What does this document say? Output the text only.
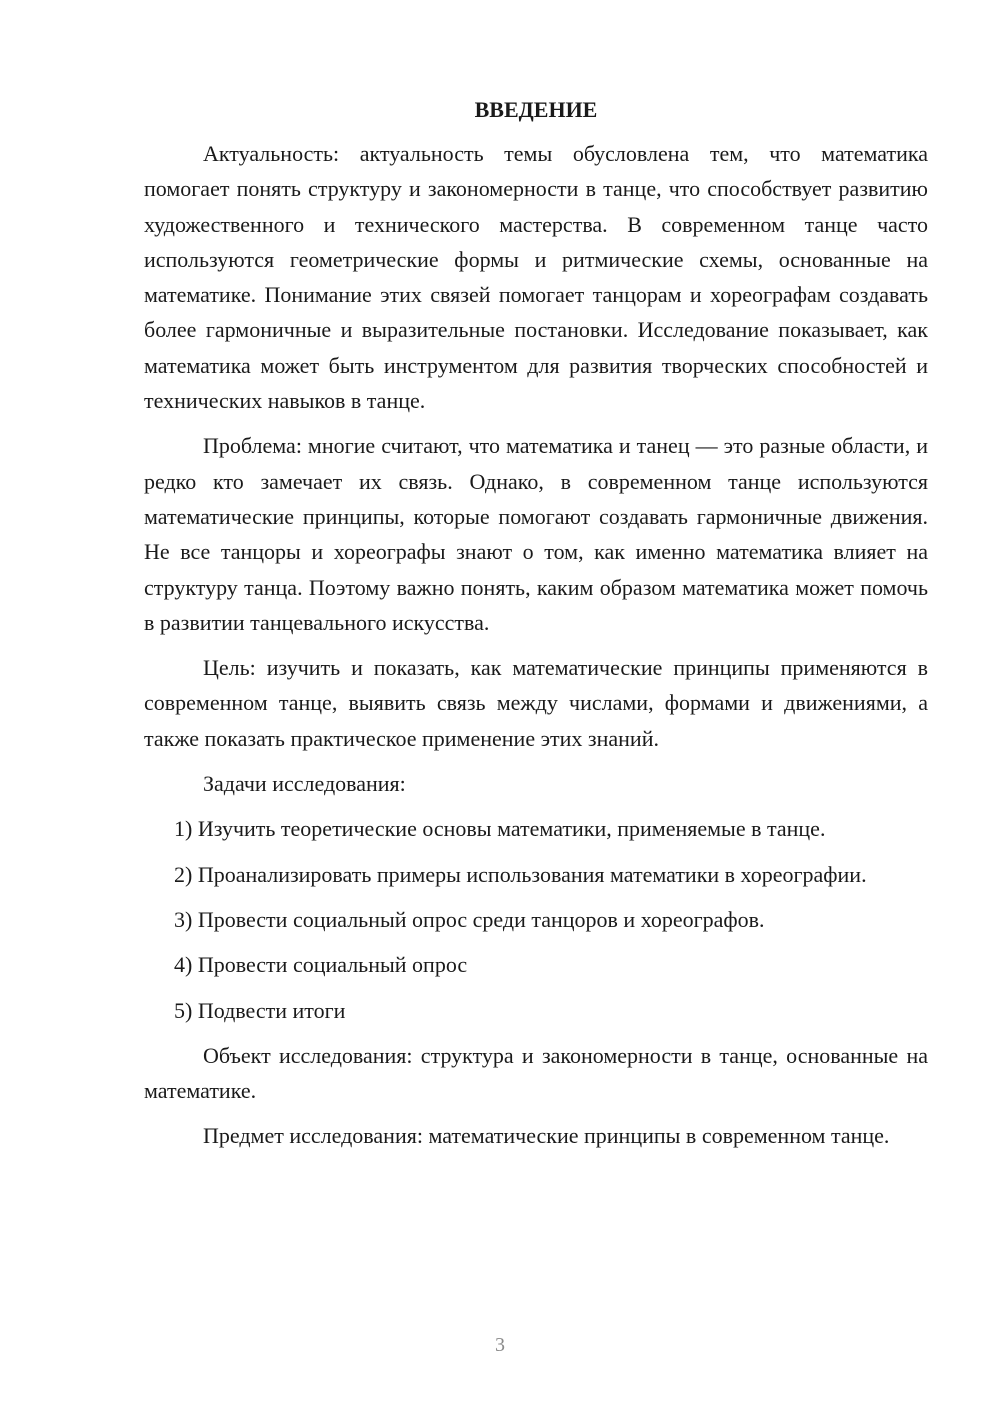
ВВЕДЕНИЕ

Актуальность: актуальность темы обусловлена тем, что математика помогает понять структуру и закономерности в танце, что способствует развитию художественного и технического мастерства. В современном танце часто используются геометрические формы и ритмические схемы, основанные на математике. Понимание этих связей помогает танцорам и хореографам создавать более гармоничные и выразительные постановки. Исследование показывает, как математика может быть инструментом для развития творческих способностей и технических навыков в танце.

Проблема: многие считают, что математика и танец — это разные области, и редко кто замечает их связь. Однако, в современном танце используются математические принципы, которые помогают создавать гармоничные движения. Не все танцоры и хореографы знают о том, как именно математика влияет на структуру танца. Поэтому важно понять, каким образом математика может помочь в развитии танцевального искусства.

Цель: изучить и показать, как математические принципы применяются в современном танце, выявить связь между числами, формами и движениями, а также показать практическое применение этих знаний.

Задачи исследования:

1) Изучить теоретические основы математики, применяемые в танце.

2) Проанализировать примеры использования математики в хореографии.

3) Провести социальный опрос среди танцоров и хореографов.

4) Провести социальный опрос

5) Подвести итоги

Объект исследования: структура и закономерности в танце, основанные на математике.

Предмет исследования: математические принципы в современном танце.

3
